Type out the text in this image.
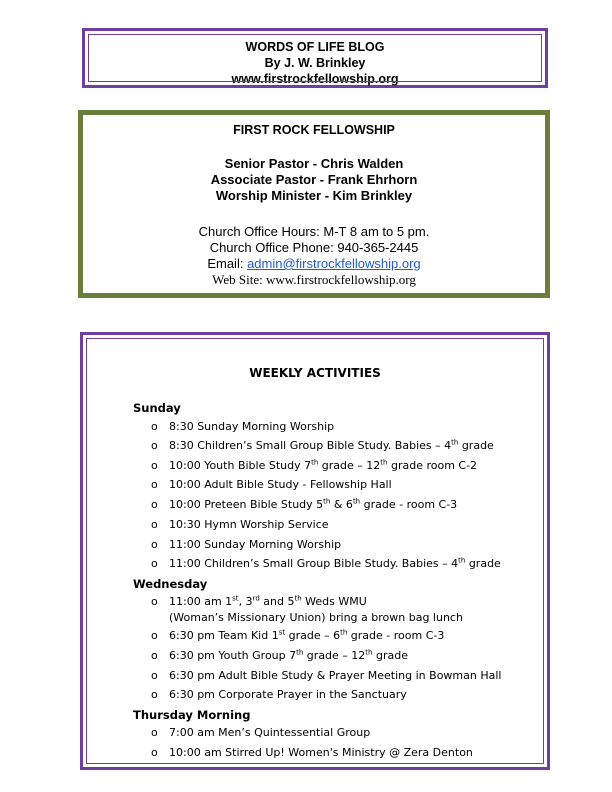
WORDS OF LIFE BLOG
By J. W. Brinkley
www.firstrockfellowship.org
FIRST ROCK FELLOWSHIP
Senior Pastor - Chris Walden
Associate Pastor - Frank Ehrhorn
Worship Minister - Kim Brinkley
Church Office Hours: M-T 8 am to 5 pm.
Church Office Phone: 940-365-2445
Email: admin@firstrockfellowship.org
Web Site: www.firstrockfellowship.org
WEEKLY ACTIVITIES
Sunday
o 8:30 Sunday Morning Worship
o 8:30 Children’s Small Group Bible Study. Babies – 4th grade
o 10:00 Youth Bible Study 7th grade – 12th grade room C-2
o 10:00 Adult Bible Study - Fellowship Hall
o 10:00 Preteen Bible Study 5th & 6th grade - room C-3
o 10:30 Hymn Worship Service
o 11:00 Sunday Morning Worship
o 11:00 Children’s Small Group Bible Study. Babies – 4th grade
Wednesday
o 11:00 am 1st, 3rd and 5th Weds WMU
(Woman’s Missionary Union) bring a brown bag lunch
o 6:30 pm Team Kid 1st grade – 6th grade - room C-3
o 6:30 pm Youth Group 7th grade – 12th grade
o 6:30 pm Adult Bible Study & Prayer Meeting in Bowman Hall
o 6:30 pm Corporate Prayer in the Sanctuary
Thursday Morning
o 7:00 am Men’s Quintessential Group
o 10:00 am Stirred Up! Women's Ministry @ Zera Denton
